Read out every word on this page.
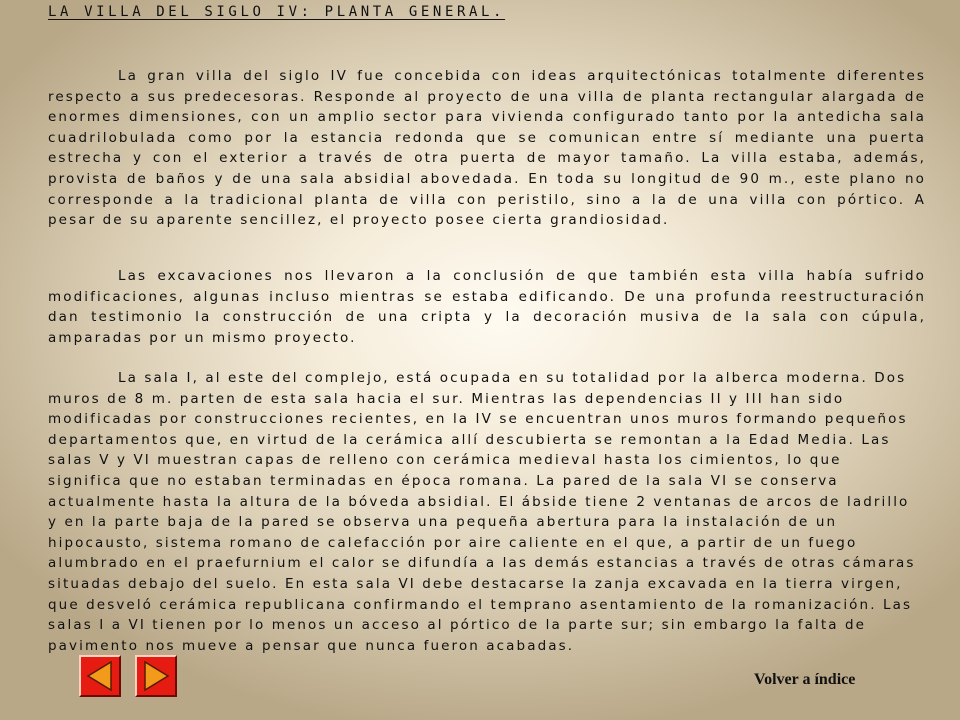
LA VILLA DEL SIGLO IV: PLANTA GENERAL.

La gran villa del siglo IV fue concebida con ideas arquitectónicas totalmente diferentes respecto a sus predecesoras. Responde al proyecto de una villa de planta rectangular alargada de enormes dimensiones, con un amplio sector para vivienda configurado tanto por la antedicha sala cuadrilobulada como por la estancia redonda que se comunican entre sí mediante una puerta estrecha y con el exterior a través de otra puerta de mayor tamaño. La villa estaba, además, provista de baños y de una sala absidial abovedada. En toda su longitud de 90 m., este plano no corresponde a la tradicional planta de villa con peristilo, sino a la de una villa con pórtico. A pesar de su aparente sencillez, el proyecto posee cierta grandiosidad.

Las excavaciones nos llevaron a la conclusión de que también esta villa había sufrido modificaciones, algunas incluso mientras se estaba edificando. De una profunda reestructuración dan testimonio la construcción de una cripta y la decoración musiva de la sala con cúpula, amparadas por un mismo proyecto.

La sala I, al este del complejo, está ocupada en su totalidad por la alberca moderna. Dos muros de 8 m. parten de esta sala hacia el sur. Mientras las dependencias II y III han sido modificadas por construcciones recientes, en la IV se encuentran unos muros formando pequeños departamentos que, en virtud de la cerámica allí descubierta se remontan a la Edad Media. Las salas V y VI muestran capas de relleno con cerámica medieval hasta los cimientos, lo que significa que no estaban terminadas en época romana. La pared de la sala VI se conserva actualmente hasta la altura de la bóveda absidial. El ábside tiene 2 ventanas de arcos de ladrillo y en la parte baja de la pared se observa una pequeña abertura para la instalación de un hipocausto, sistema romano de calefacción por aire caliente en el que, a partir de un fuego alumbrado en el praefurnium el calor se difundía a las demás estancias a través de otras cámaras situadas debajo del suelo. En esta sala VI debe destacarse la zanja excavada en la tierra virgen, que desveló cerámica republicana confirmando el temprano asentamiento de la romanización. Las salas I a VI tienen por lo menos un acceso al pórtico de la parte sur; sin embargo la falta de pavimento nos mueve a pensar que nunca fueron acabadas.

Volver a índice
